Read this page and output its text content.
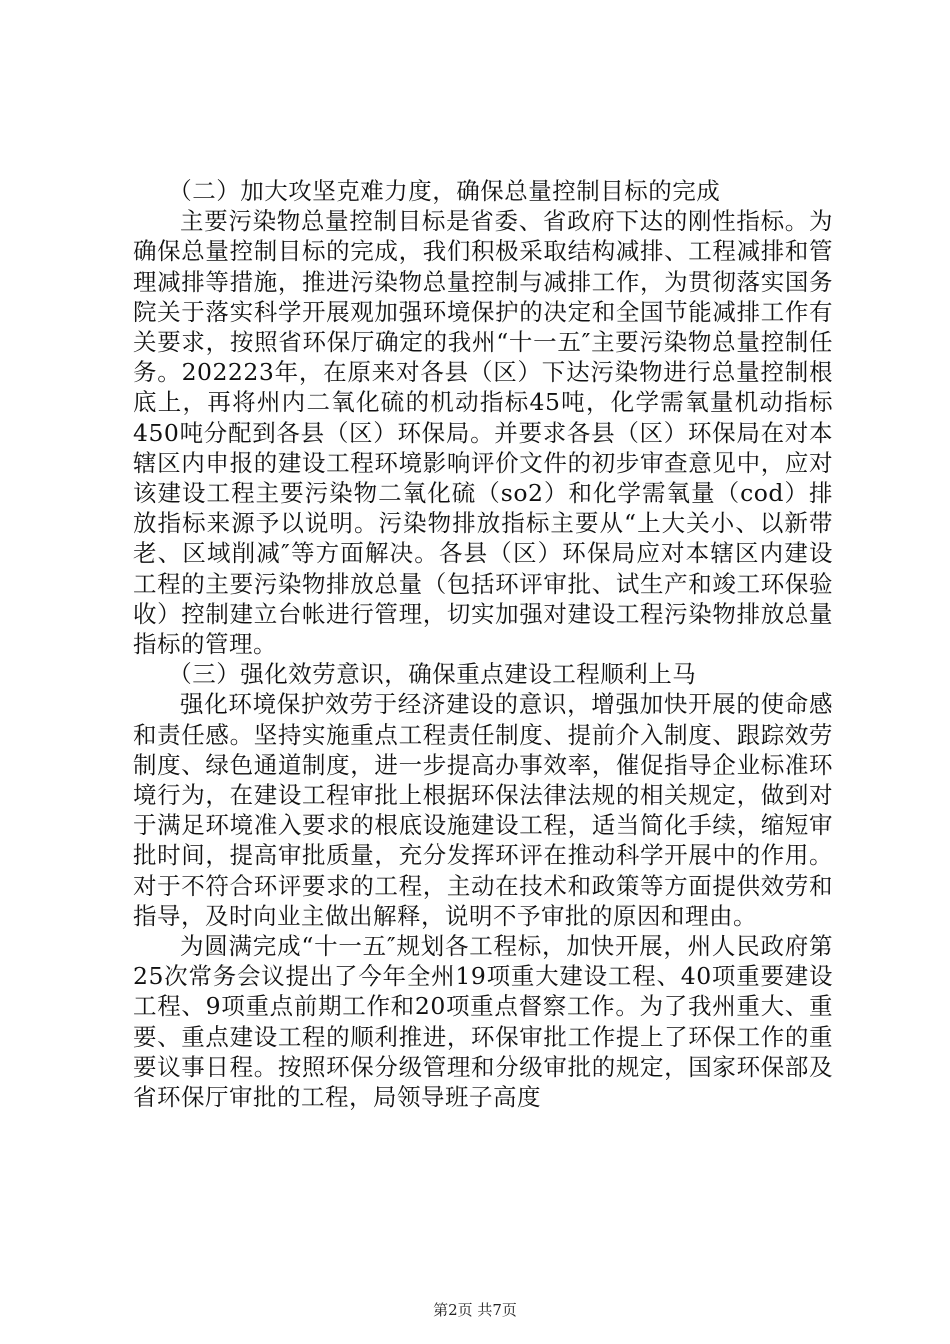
（二）加大攻坚克难力度，确保总量控制目标的完成

主要污染物总量控制目标是省委、省政府下达的刚性指标。为确保总量控制目标的完成，我们积极采取结构减排、工程减排和管理减排等措施，推进污染物总量控制与减排工作，为贯彻落实国务院关于落实科学开展观加强环境保护的决定和全国节能减排工作有关要求，按照省环保厅确定的我州“十一五″主要污染物总量控制任务。202223年，在原来对各县（区）下达污染物进行总量控制根底上，再将州内二氧化硫的机动指标45吨，化学需氧量机动指标450吨分配到各县（区）环保局。并要求各县（区）环保局在对本辖区内申报的建设工程环境影响评价文件的初步审查意见中，应对该建设工程主要污染物二氧化硫（so2）和化学需氧量（cod）排放指标来源予以说明。污染物排放指标主要从“上大关小、以新带老、区域削减″等方面解决。各县（区）环保局应对本辖区内建设工程的主要污染物排放总量（包括环评审批、试生产和竣工环保验收）控制建立台帐进行管理，切实加强对建设工程污染物排放总量指标的管理。

（三）强化效劳意识，确保重点建设工程顺利上马

强化环境保护效劳于经济建设的意识，增强加快开展的使命感和责任感。坚持实施重点工程责任制度、提前介入制度、跟踪效劳制度、绿色通道制度，进一步提高办事效率，催促指导企业标准环境行为，在建设工程审批上根据环保法律法规的相关规定，做到对于满足环境准入要求的根底设施建设工程，适当简化手续，缩短审批时间，提高审批质量，充分发挥环评在推动科学开展中的作用。对于不符合环评要求的工程，主动在技术和政策等方面提供效劳和指导，及时向业主做出解释，说明不予审批的原因和理由。

为圆满完成“十一五″规划各工程标，加快开展，州人民政府第25次常务会议提出了今年全州19项重大建设工程、40项重要建设工程、9项重点前期工作和20项重点督察工作。为了我州重大、重要、重点建设工程的顺利推进，环保审批工作提上了环保工作的重要议事日程。按照环保分级管理和分级审批的规定，国家环保部及省环保厅审批的工程，局领导班子高度

第2页 共7页
